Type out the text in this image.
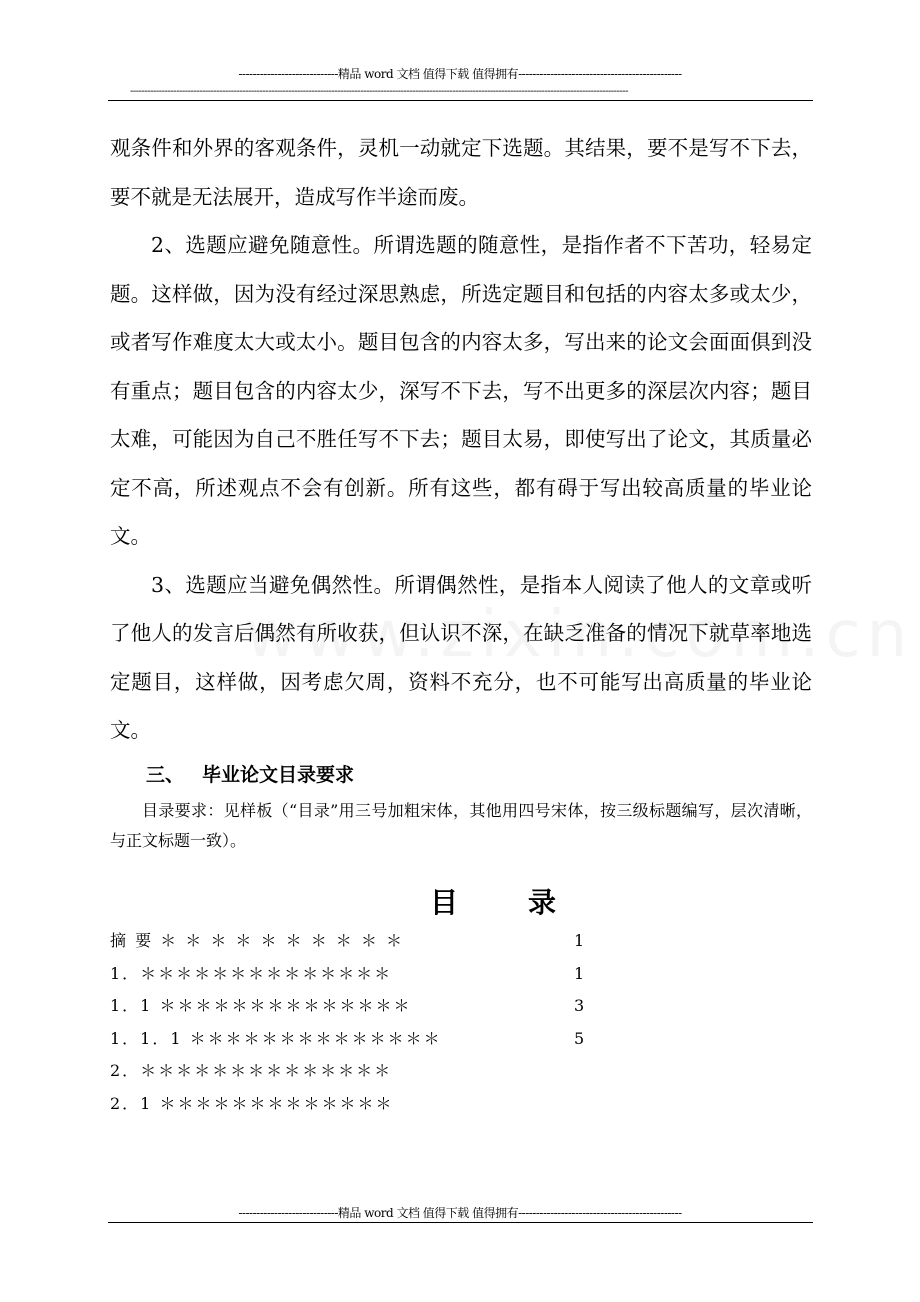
----------------------------精品 word 文档 值得下载 值得拥有----------------------------------------------
-----------------------------------------------------------------------------------------------------------------------------------------------------------------------------

观条件和外界的客观条件，灵机一动就定下选题。其结果，要不是写不下去，要不就是无法展开，造成写作半途而废。

2、选题应避免随意性。所谓选题的随意性，是指作者不下苦功，轻易定题。这样做，因为没有经过深思熟虑，所选定题目和包括的内容太多或太少，或者写作难度太大或太小。题目包含的内容太多，写出来的论文会面面俱到没有重点；题目包含的内容太少，深写不下去，写不出更多的深层次内容；题目太难，可能因为自己不胜任写不下去；题目太易，即使写出了论文，其质量必定不高，所述观点不会有创新。所有这些，都有碍于写出较高质量的毕业论文。

3、选题应当避免偶然性。所谓偶然性，是指本人阅读了他人的文章或听了他人的发言后偶然有所收获，但认识不深，在缺乏准备的情况下就草率地选定题目，这样做，因考虑欠周，资料不充分，也不可能写出高质量的毕业论文。

三、 毕业论文目录要求

目录要求：见样板（“目录”用三号加粗宋体，其他用四号宋体，按三级标题编写，层次清晰，与正文标题一致）。

目	录
摘 要 ＊ ＊ ＊ ＊ ＊ ＊ ＊ ＊ ＊ ＊	1
1．＊＊＊＊＊＊＊＊＊＊＊＊＊＊	1
1．1 ＊＊＊＊＊＊＊＊＊＊＊＊＊＊	3
1．1．1 ＊＊＊＊＊＊＊＊＊＊＊＊＊＊	5
2．＊＊＊＊＊＊＊＊＊＊＊＊＊＊
2．1 ＊＊＊＊＊＊＊＊＊＊＊＊＊
----------------------------精品 word 文档 值得下载 值得拥有----------------------------------------------
